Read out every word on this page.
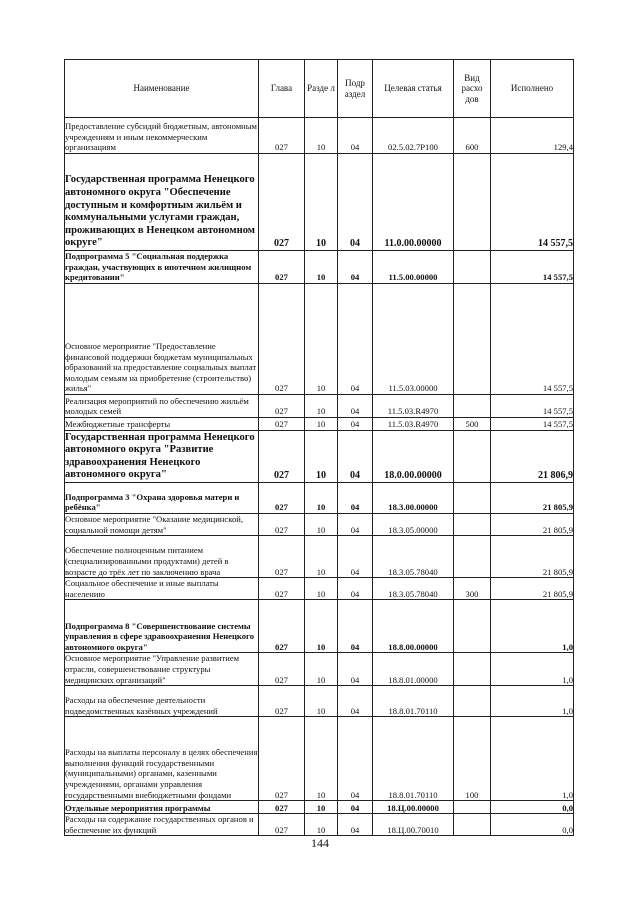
Наименование	Глава	Разде л	Подр аздел	Целевая статья	Вид расхо дов	Исполнено
Предоставление субсидий бюджетным, автономным учреждениям и иным некоммерческим организациям	027	10	04	02.5.02.7Р100	600	129,4
Государственная программа Ненецкого автономного округа "Обеспечение доступным и комфортным жильём и коммунальными услугами граждан, проживающих в Ненецком автономном округе"	027	10	04	11.0.00.00000		14 557,5
Подпрограмма 5 "Социальная поддержка граждан, участвующих в ипотечном жилищном кредитовании"	027	10	04	11.5.00.00000		14 557,5
Основное мероприятие "Предоставление финансовой поддержки бюджетам муниципальных образований на предоставление социальных выплат молодым семьям на приобретение (строительство) жилья"	027	10	04	11.5.03.00000		14 557,5
Реализация мероприятий по обеспечению жильём молодых семей	027	10	04	11.5.03.R4970		14 557,5
Межбюджетные трансферты	027	10	04	11.5.03.R4970	500	14 557,5
Государственная программа Ненецкого автономного округа "Развитие здравоохранения Ненецкого автономного округа"	027	10	04	18.0.00.00000		21 806,9
Подпрограмма 3 "Охрана здоровья матери и ребёнка"	027	10	04	18.3.00.00000		21 805,9
Основное мероприятие "Оказание медицинской, социальной помощи детям"	027	10	04	18.3.05.00000		21 805,9
Обеспечение полноценным питанием (специализированными продуктами) детей в возрасте до трёх лет по заключению врача	027	10	04	18.3.05.78040		21 805,9
Социальное обеспечение и иные выплаты населению	027	10	04	18.3.05.78040	300	21 805,9
Подпрограмма 8 "Совершенствование системы управления в сфере здравоохранения Ненецкого автономного округа"	027	10	04	18.8.00.00000		1,0
Основное мероприятие "Управление развитием отрасли, совершенствование структуры медицинских организаций"	027	10	04	18.8.01.00000		1,0
Расходы на обеспечение деятельности подведомственных казённых учреждений	027	10	04	18.8.01.70110		1,0
Расходы на выплаты персоналу в целях обеспечения выполнения функций государственными (муниципальными) органами, казенными учреждениями, органами управления государственными внебюджетными фондами	027	10	04	18.8.01.70110	100	1,0
Отдельные мероприятия программы	027	10	04	18.Ц.00.00000		0,0
Расходы на содержание государственных органов и обеспечение их функций	027	10	04	18.Ц.00.70010		0,0
144
